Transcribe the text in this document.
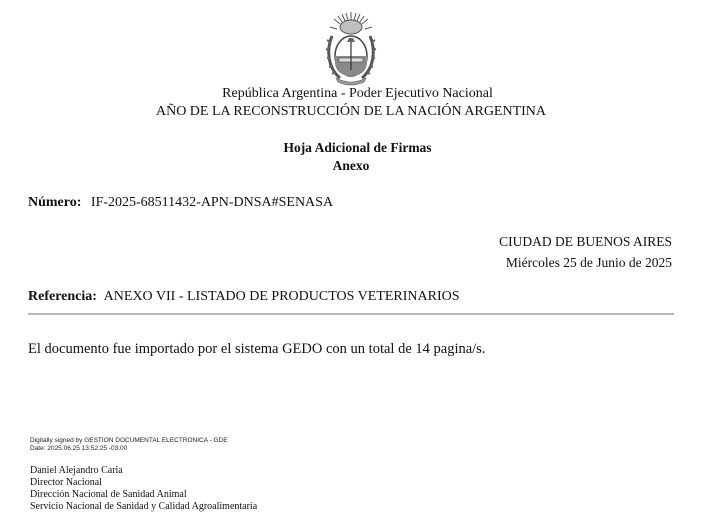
República Argentina - Poder Ejecutivo Nacional
AÑO DE LA RECONSTRUCCIÓN DE LA NACIÓN ARGENTINA
Hoja Adicional de Firmas
Anexo
Número: IF-2025-68511432-APN-DNSA#SENASA
CIUDAD DE BUENOS AIRES
Miércoles 25 de Junio de 2025
Referencia: ANEXO VII - LISTADO DE PRODUCTOS VETERINARIOS
El documento fue importado por el sistema GEDO con un total de 14 pagina/s.
Digitally signed by GESTION DOCUMENTAL ELECTRONICA - GDE
Date: 2025.06.25 13:52:25 -03:00
Daniel Alejandro Caria
Director Nacional
Dirección Nacional de Sanidad Animal
Servicio Nacional de Sanidad y Calidad Agroalimentaria
